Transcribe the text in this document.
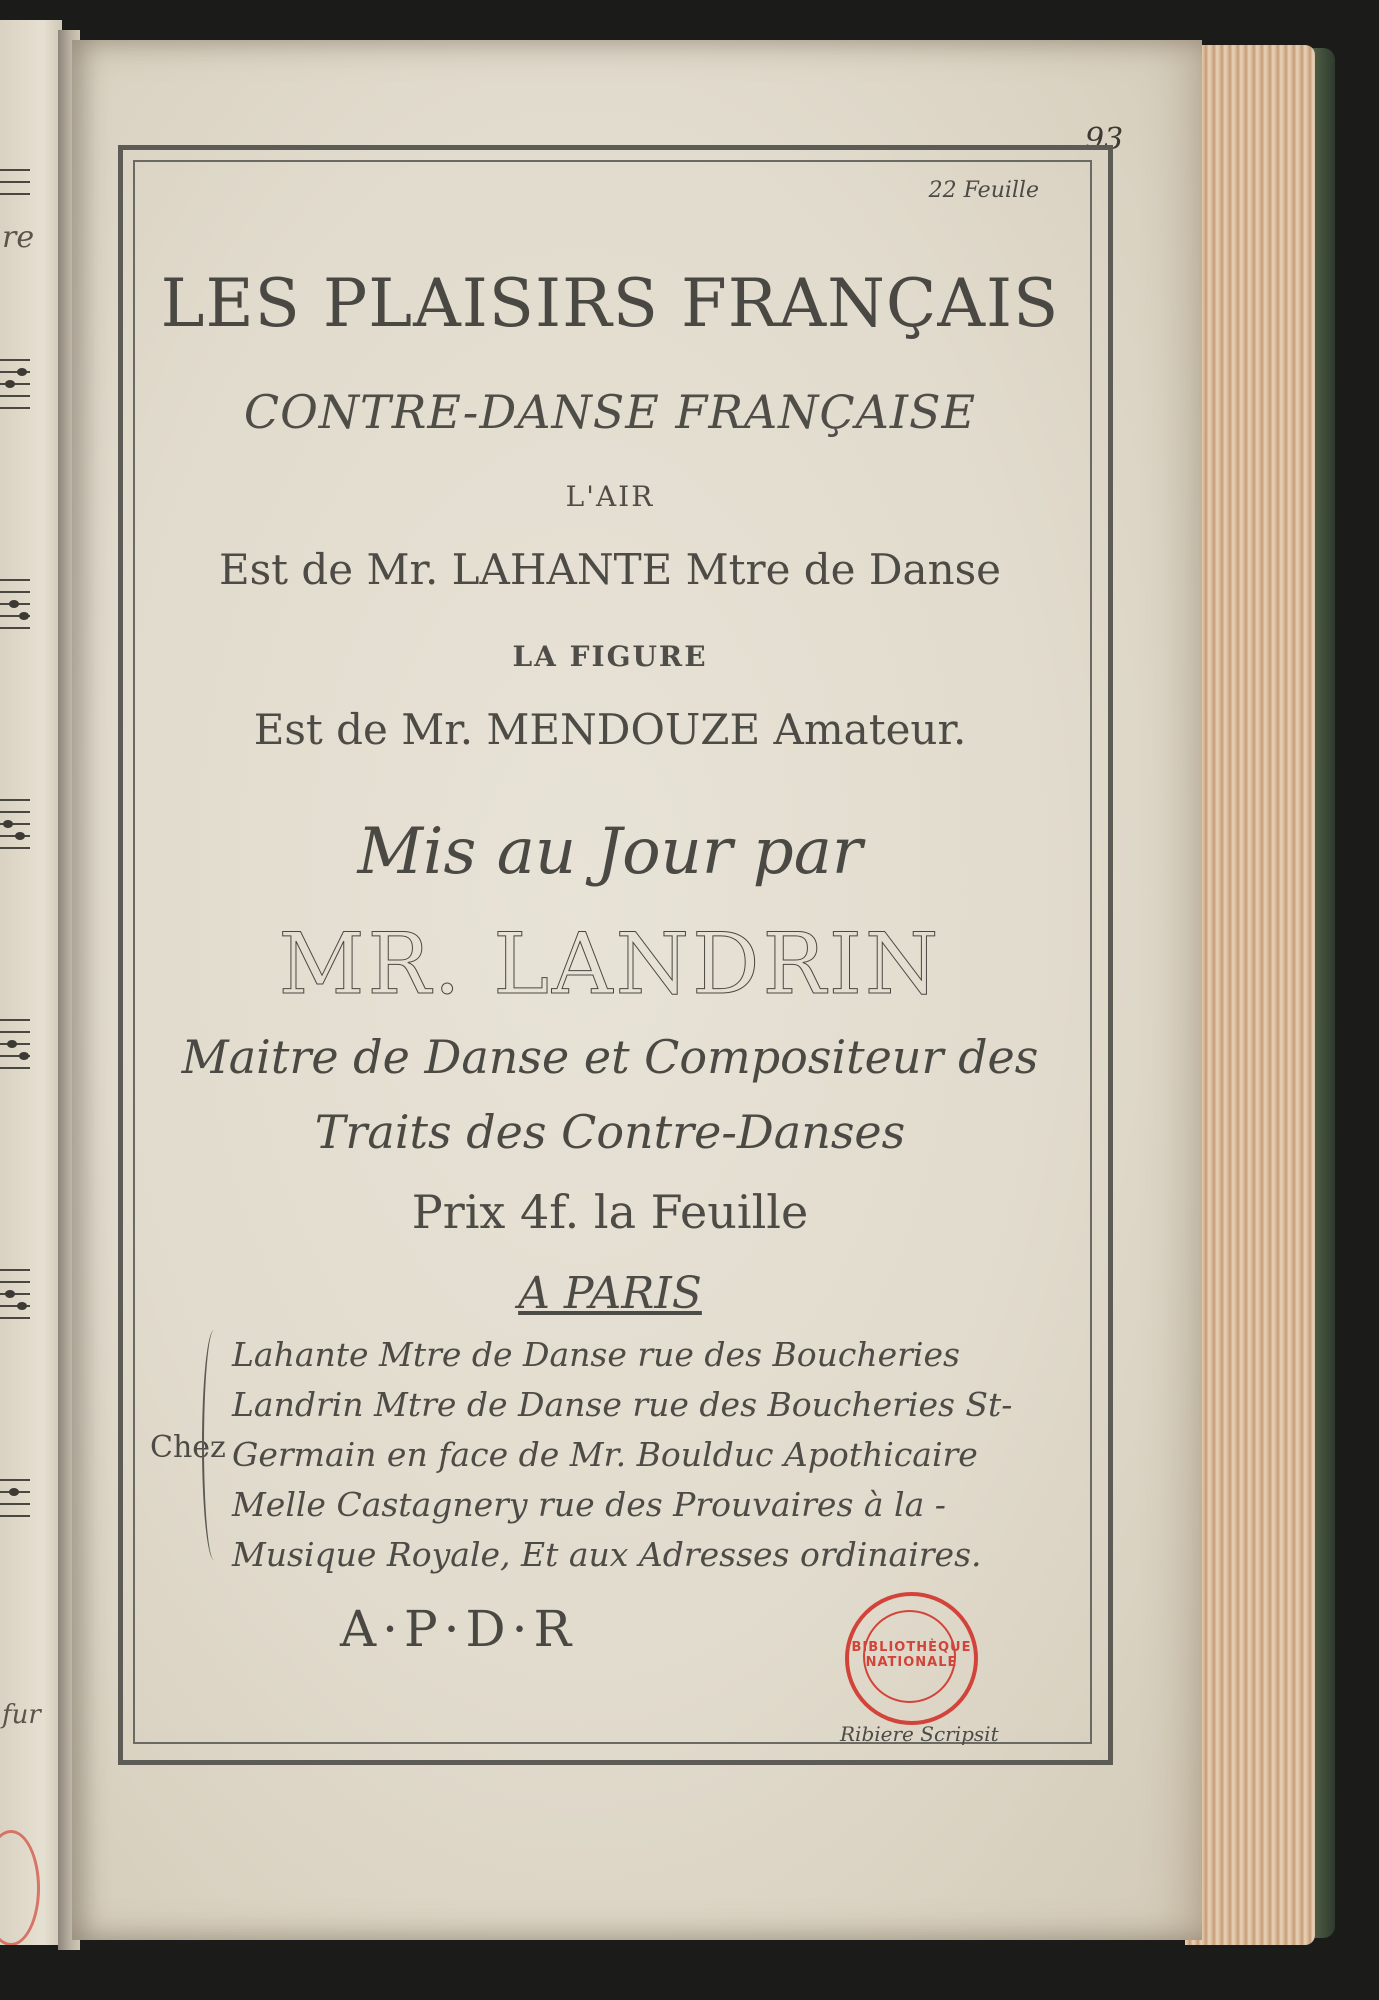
re
fur
93
22 Feuille
LES PLAISIRS FRANÇAIS
CONTRE-DANSE FRANÇAISE
L'AIR
Est de Mr. LAHANTE Mtre de Danse
LA FIGURE
Est de Mr. MENDOUZE Amateur.
Mis au Jour par
MR. LANDRIN
Maitre de Danse et Compositeur des
Traits des Contre-Danses
Prix 4f. la Feuille
A PARIS
Chez
Lahante Mtre de Danse rue des Boucheries
Landrin Mtre de Danse rue des Boucheries St-
Germain en face de Mr. Boulduc Apothicaire
Melle Castagnery rue des Prouvaires à la -
Musique Royale, Et aux Adresses ordinaires.
A·P·D·R	BIBLIOTHÈQUE NATIONALE
Ribiere Scripsit
